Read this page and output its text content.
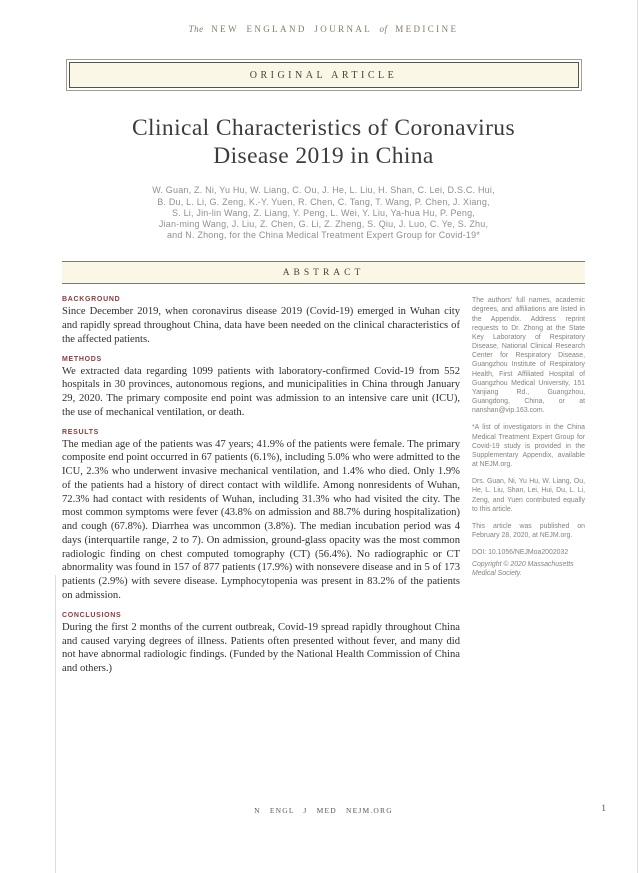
The NEW ENGLAND JOURNAL of MEDICINE
ORIGINAL ARTICLE
Clinical Characteristics of Coronavirus
Disease 2019 in China
W. Guan, Z. Ni, Yu Hu, W. Liang, C. Ou, J. He, L. Liu, H. Shan, C. Lei, D.S.C. Hui,
B. Du, L. Li, G. Zeng, K.-Y. Yuen, R. Chen, C. Tang, T. Wang, P. Chen, J. Xiang,
S. Li, Jin-lin Wang, Z. Liang, Y. Peng, L. Wei, Y. Liu, Ya-hua Hu, P. Peng,
Jian-ming Wang, J. Liu, Z. Chen, G. Li, Z. Zheng, S. Qiu, J. Luo, C. Ye, S. Zhu,
and N. Zhong, for the China Medical Treatment Expert Group for Covid-19*
ABSTRACT
BACKGROUND
Since December 2019, when coronavirus disease 2019 (Covid-19) emerged in Wuhan city and rapidly spread throughout China, data have been needed on the clinical characteristics of the affected patients.
METHODS
We extracted data regarding 1099 patients with laboratory-confirmed Covid-19 from 552 hospitals in 30 provinces, autonomous regions, and municipalities in China through January 29, 2020. The primary composite end point was admission to an intensive care unit (ICU), the use of mechanical ventilation, or death.
RESULTS
The median age of the patients was 47 years; 41.9% of the patients were female. The primary composite end point occurred in 67 patients (6.1%), including 5.0% who were admitted to the ICU, 2.3% who underwent invasive mechanical ventilation, and 1.4% who died. Only 1.9% of the patients had a history of direct contact with wildlife. Among nonresidents of Wuhan, 72.3% had contact with residents of Wuhan, including 31.3% who had visited the city. The most common symptoms were fever (43.8% on admission and 88.7% during hospitalization) and cough (67.8%). Diarrhea was uncommon (3.8%). The median incubation period was 4 days (interquartile range, 2 to 7). On admission, ground-glass opacity was the most common radiologic finding on chest computed tomography (CT) (56.4%). No radiographic or CT abnormality was found in 157 of 877 patients (17.9%) with nonsevere disease and in 5 of 173 patients (2.9%) with severe disease. Lymphocytopenia was present in 83.2% of the patients on admission.
CONCLUSIONS
During the first 2 months of the current outbreak, Covid-19 spread rapidly throughout China and caused varying degrees of illness. Patients often presented without fever, and many did not have abnormal radiologic findings. (Funded by the National Health Commission of China and others.)
The authors' full names, academic degrees, and affiliations are listed in the Appendix. Address reprint requests to Dr. Zhong at the State Key Laboratory of Respiratory Disease, National Clinical Research Center for Respiratory Disease, Guangzhou Institute of Respiratory Health, First Affiliated Hospital of Guangzhou Medical University, 151 Yanjiang Rd., Guangzhou, Guangdong, China, or at nanshan@vip.163.com.
*A list of investigators in the China Medical Treatment Expert Group for Covid-19 study is provided in the Supplementary Appendix, available at NEJM.org.
Drs. Guan, Ni, Yu Hu, W. Liang, Ou, He, L. Liu, Shan, Lei, Hui, Du, L. Li, Zeng, and Yuen contributed equally to this article.
This article was published on February 28, 2020, at NEJM.org.
DOI: 10.1056/NEJMoa2002032
Copyright © 2020 Massachusetts Medical Society.
N ENGL J MED NEJM.ORG	1
